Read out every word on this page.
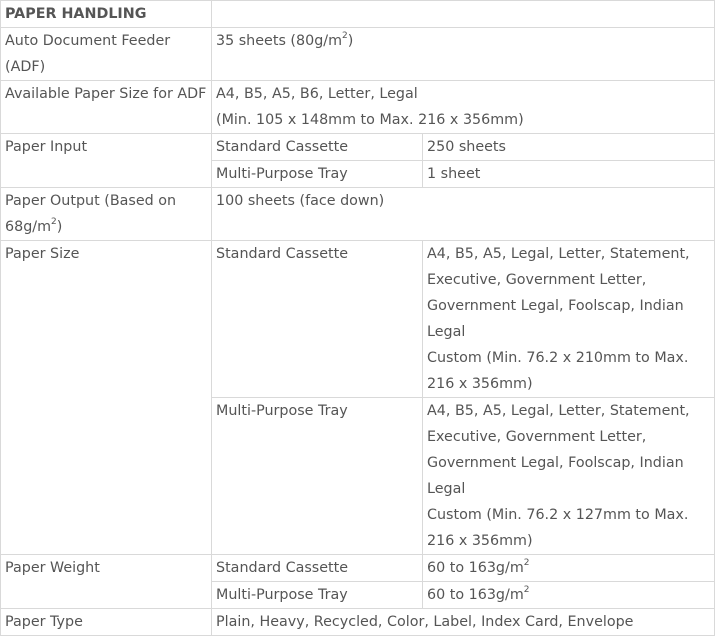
PAPER HANDLING		
Auto Document Feeder (ADF)	35 sheets $(80g/m^2)$	
Available Paper Size for ADF	A4, B5, A5, B6, Letter, Legal
(Min. 105 x 148mm to Max. 216 x 356mm)	
Paper Input	Standard Cassette	250 sheets
	Multi-Purpose Tray	1 sheet
Paper Output (Based on $68g/m^2$)	100 sheets (face down)	
Paper Size	Standard Cassette	A4, B5, A5, Legal, Letter, Statement, Executive, Government Letter, Government Legal, Foolscap, Indian Legal
Custom (Min. 76.2 x 210mm to Max. 216 x 356mm)
	Multi-Purpose Tray	A4, B5, A5, Legal, Letter, Statement, Executive, Government Letter, Government Legal, Foolscap, Indian Legal
Custom (Min. 76.2 x 127mm to Max. 216 x 356mm)
Paper Weight	Standard Cassette	60 to $163g/m^2$
	Multi-Purpose Tray	60 to $163g/m^2$
Paper Type	Plain, Heavy, Recycled, Color, Label, Index Card, Envelope	
